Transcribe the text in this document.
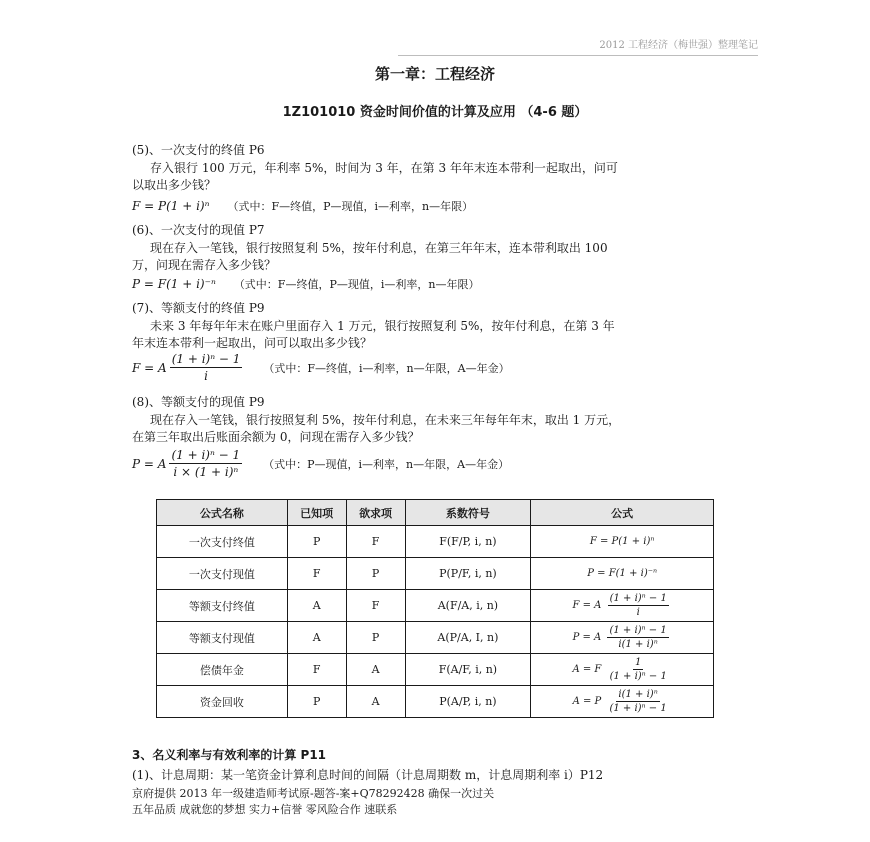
2012 工程经济（梅世强）整理笔记
第一章：工程经济
1Z101010 资金时间价值的计算及应用 （4-6 题）
(5)、一次支付的终值 P6
存入银行 100 万元，年利率 5%，时间为 3 年，在第 3 年年末连本带利一起取出，问可
以取出多少钱？
F = P(1 + i)ⁿ （式中：F—终值，P—现值，i—利率，n—年限）
(6)、一次支付的现值 P7
现在存入一笔钱，银行按照复利 5%，按年付利息，在第三年年末，连本带利取出 100
万，问现在需存入多少钱？
P = F(1 + i)⁻ⁿ （式中：F—终值，P—现值，i—利率，n—年限）
(7)、等额支付的终值 P9
未来 3 年每年年末在账户里面存入 1 万元，银行按照复利 5%，按年付利息，在第 3 年
年末连本带利一起取出，问可以取出多少钱？
F = A $\frac{\text{(1 + i)ⁿ − 1}}{i}$ （式中：F—终值，i—利率，n—年限，A—年金）
(8)、等额支付的现值 P9
现在存入一笔钱，银行按照复利 5%，按年付利息，在未来三年每年年末，取出 1 万元，
在第三年取出后账面余额为 0，问现在需存入多少钱？
P = A $\frac{\text{(1 + i)ⁿ − 1}}{\text{i × (1 + i)ⁿ}}$ （式中：P—现值，i—利率，n—年限，A—年金）
公式名称	已知项	欲求项	系数符号	公式
一次支付终值	P	F	F(F/P, i, n)	F = P(1 + i)ⁿ
一次支付现值	F	P	P(P/F, i, n)	P = F(1 + i)⁻ⁿ
等额支付终值	A	F	A(F/A, i, n)	F = A $\frac{\text{(1 + i)ⁿ − 1}}{i}$

等额支付现值	A	P	A(P/A, I, n)	P = A $\frac{\text{(1 + i)ⁿ − 1}}{\text{i(1 + i)ⁿ}}$

偿债年金	F	A	F(A/F, i, n)	A = F $\frac{1}{\text{(1 + i)ⁿ − 1}}$

资金回收	P	A	P(A/P, i, n)	A = P $\frac{\text{i(1 + i)ⁿ}}{\text{(1 + i)ⁿ − 1}}$
3、名义利率与有效利率的计算 P11
(1)、计息周期：某一笔资金计算利息时间的间隔（计息周期数 m，计息周期利率 i）P12
京府提供 2013 年一级建造师考试原-题答-案+Q7829242​8 确保一次过关
五年品质 成就您的梦想 实力+信誉 零风险合作 速联系
